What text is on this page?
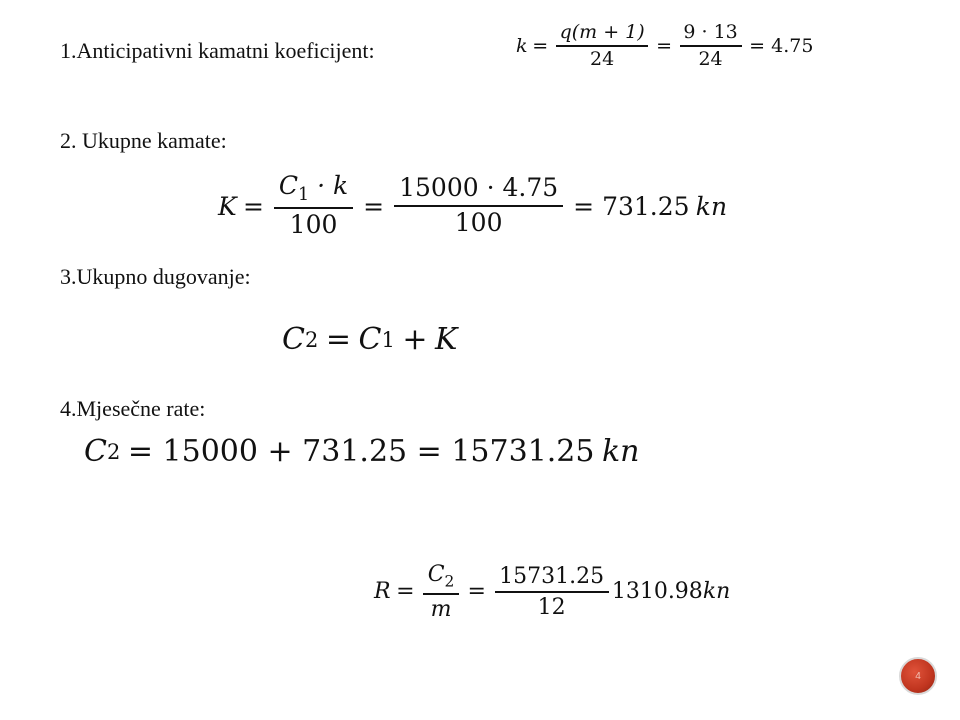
1.Anticipativni kamatni koeficijent:	$k = \frac{q(m + 1)}{24} = \frac{9 \cdot 13}{24} = 4.75$
2. Ukupne kamate:
$K = \frac{C_1 \cdot k}{100} = \frac{15000 \cdot 4.75}{100} = 731.25$ kn
3.Ukupno dugovanje:
C 2 = C 1 + K
4.Mjesečne rate:
C 2 = 15000 + 731.25 = 15731.25 kn
$R = \frac{C_2}{m} = \frac{15731.25}{12} 1310.98$ kn
4
